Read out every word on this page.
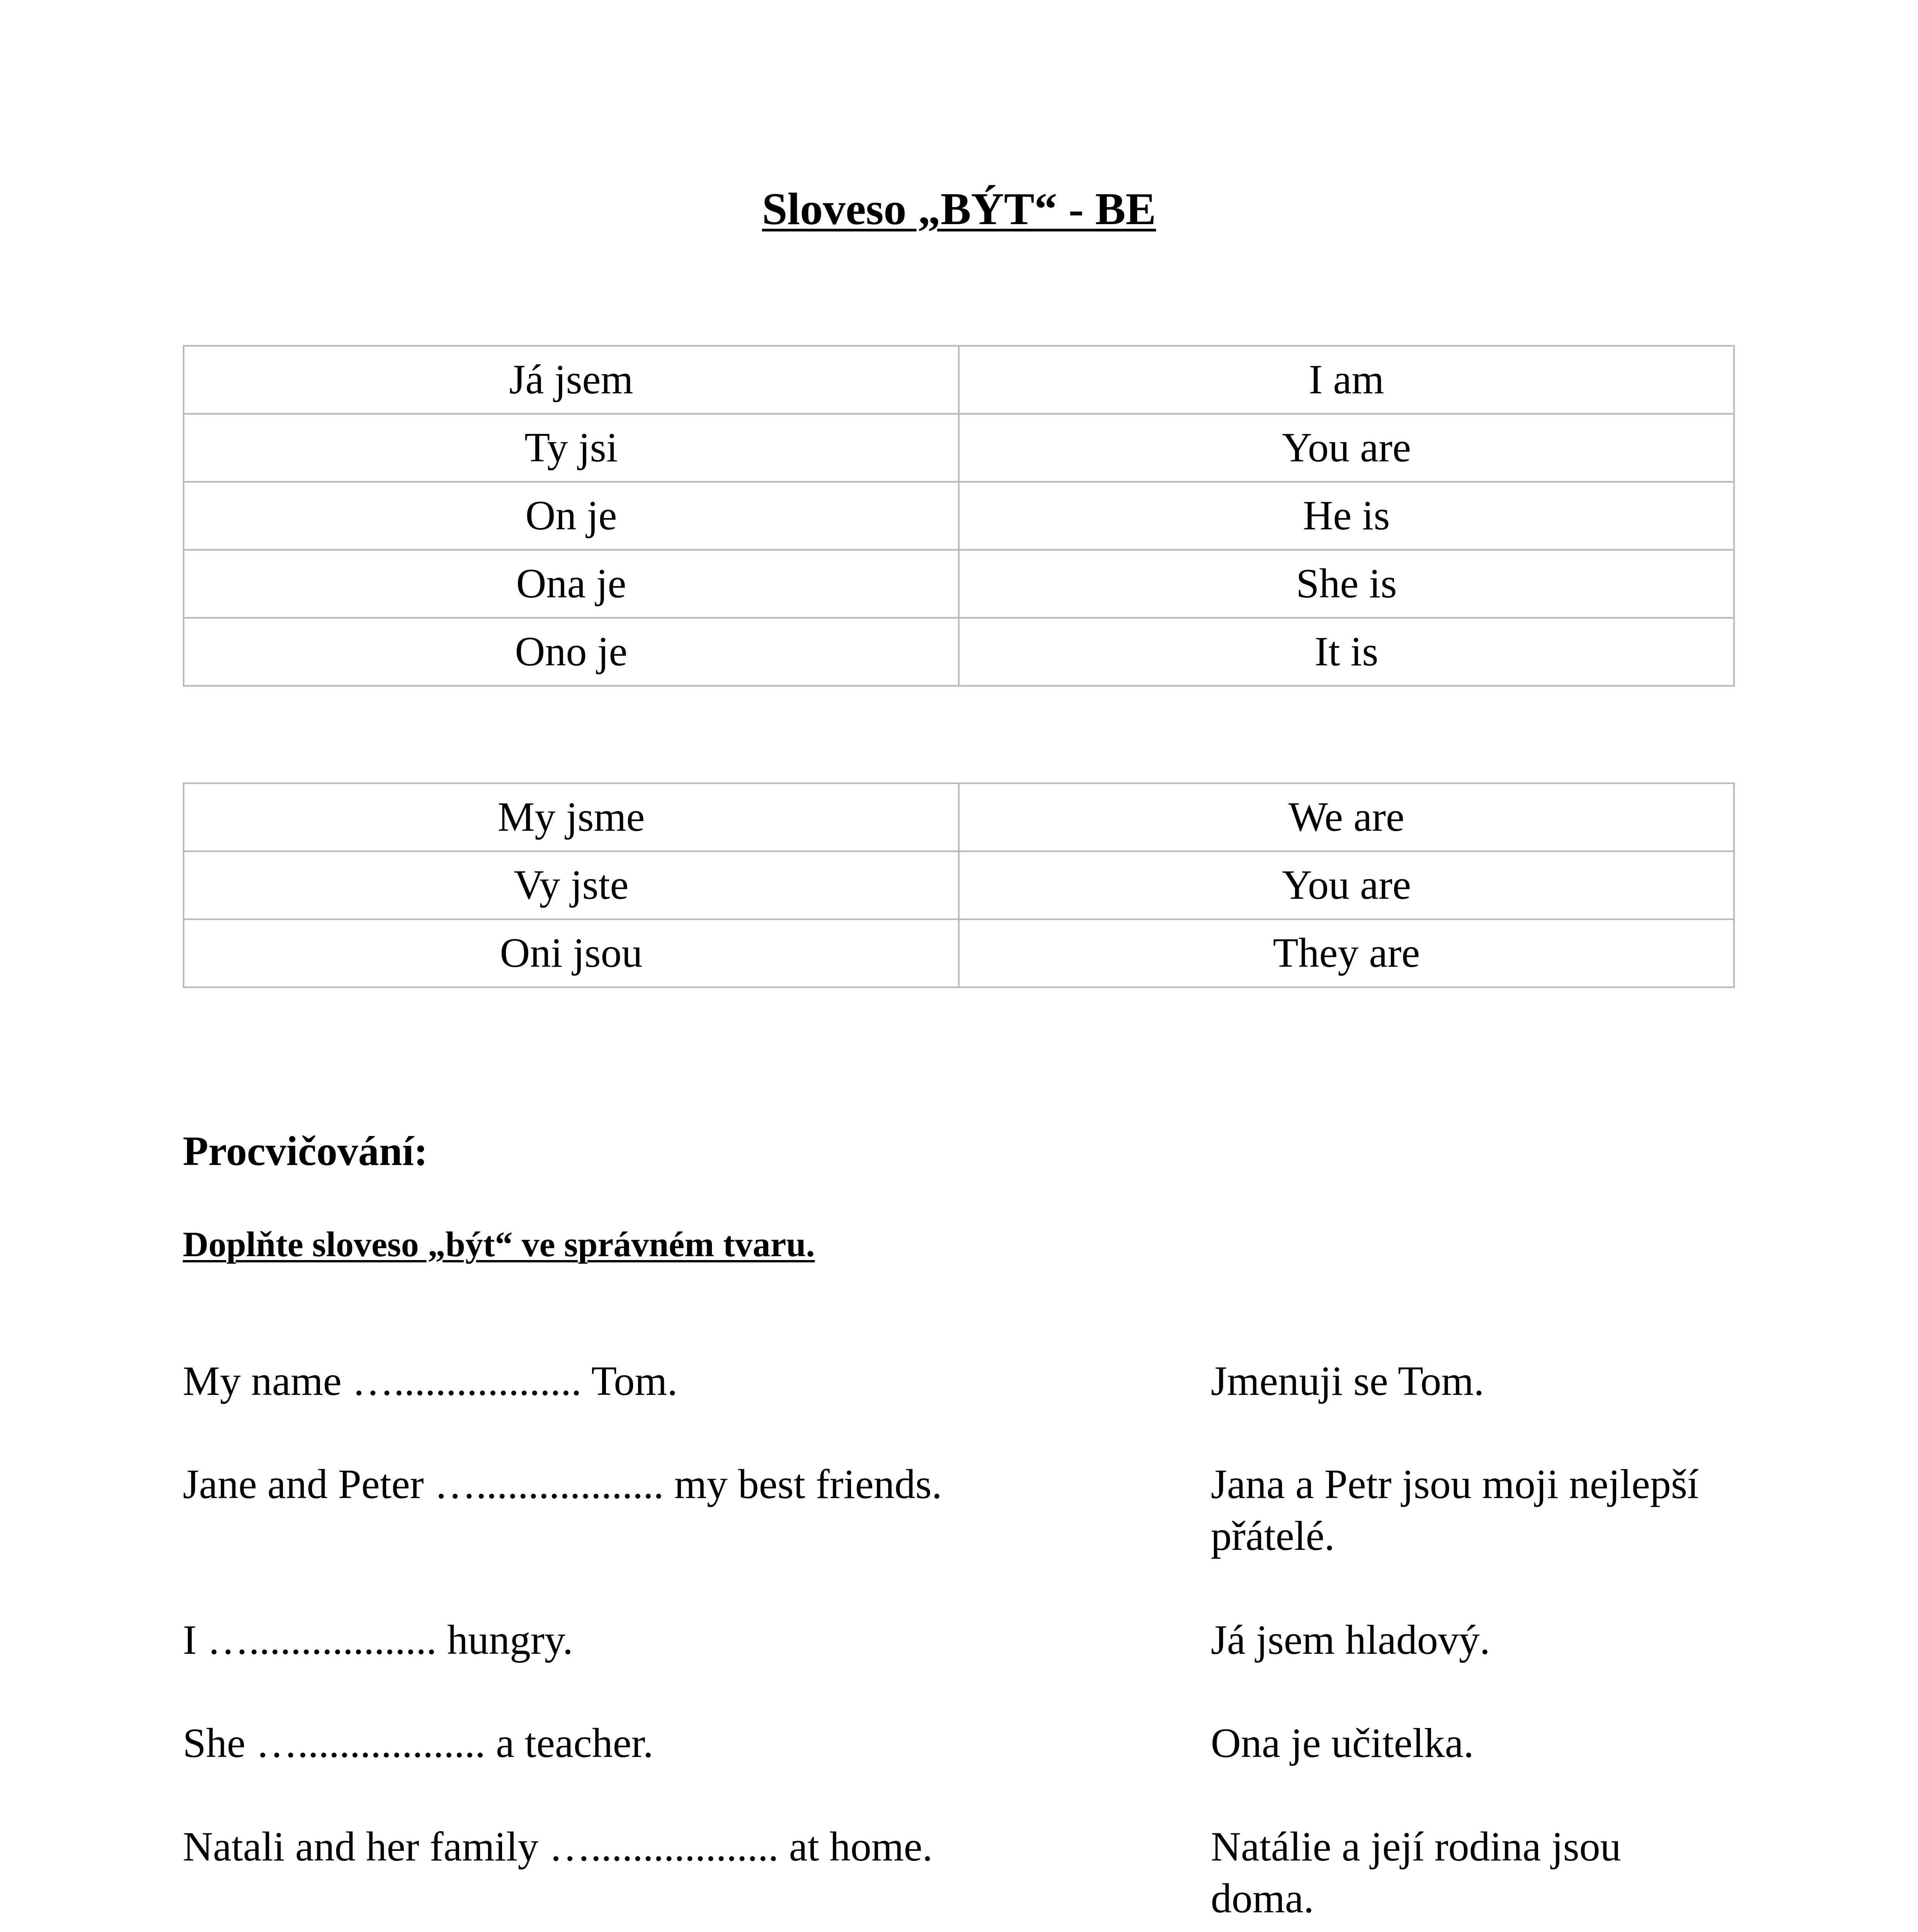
Sloveso „BÝT“ - BE
Já jsem	I am
Ty jsi	You are
On je	He is
Ona je	She is
Ono je	It is
My jsme	We are
Vy jste	You are
Oni jsou	They are
Procvičování:
Doplňte sloveso „být“ ve správném tvaru.

My name ….................. Tom.	Jmenuji se Tom.

Jane and Peter ….................. my best friends.	Jana a Petr jsou moji nejlepší přátelé.

I ….................. hungry.	Já jsem hladový.

She ….................. a teacher.	Ona je učitelka.

Natali and her family ….................. at home.	Natálie a její rodina jsou doma.
